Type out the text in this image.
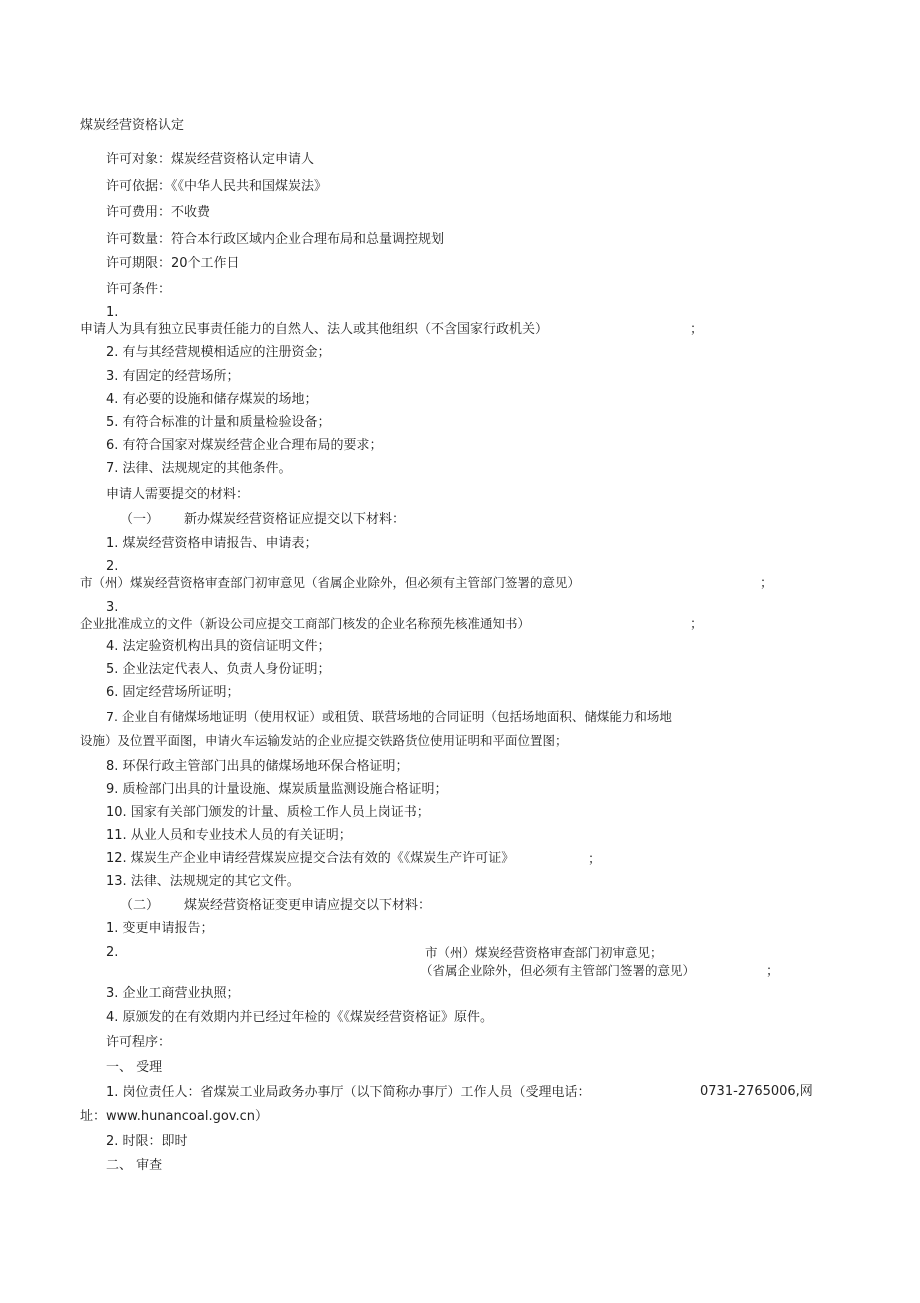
煤炭经营资格认定
许可对象：煤炭经营资格认定申请人
许可依据：《《中华人民共和国煤炭法》
许可费用：不收费
许可数量：符合本行政区域内企业合理布局和总量调控规划
许可期限：20个工作日
许可条件：
1.
申请人为具有独立民事责任能力的自然人、法人或其他组织（不含国家行政机关）	；
2. 有与其经营规模相适应的注册资金；
3. 有固定的经营场所；
4. 有必要的设施和储存煤炭的场地；
5. 有符合标准的计量和质量检验设备；
6. 有符合国家对煤炭经营企业合理布局的要求；
7. 法律、法规规定的其他条件。
申请人需要提交的材料：
（一） 新办煤炭经营资格证应提交以下材料：
1. 煤炭经营资格申请报告、申请表；
2.
市（州）煤炭经营资格审查部门初审意见（省属企业除外，但必须有主管部门签署的意见）	；
3.
企业批准成立的文件（新设公司应提交工商部门核发的企业名称预先核准通知书）	；
4. 法定验资机构出具的资信证明文件；
5. 企业法定代表人、负责人身份证明；
6. 固定经营场所证明；
7. 企业自有储煤场地证明（使用权证）或租赁、联营场地的合同证明（包括场地面积、储煤能力和场地
设施）及位置平面图，申请火车运输发站的企业应提交铁路货位使用证明和平面位置图；
8. 环保行政主管部门出具的储煤场地环保合格证明；
9. 质检部门出具的计量设施、煤炭质量监测设施合格证明；
10. 国家有关部门颁发的计量、质检工作人员上岗证书；
11. 从业人员和专业技术人员的有关证明；
12. 煤炭生产企业申请经营煤炭应提交合法有效的《《煤炭生产许可证》	；
13. 法律、法规规定的其它文件。
（二） 煤炭经营资格证变更申请应提交以下材料：
1. 变更申请报告；
2.	市（州）煤炭经营资格审查部门初审意见；
（省属企业除外，但必须有主管部门签署的意见）	；
3. 企业工商营业执照；
4. 原颁发的在有效期内并已经过年检的《《煤炭经营资格证》原件。
许可程序：
一、 受理
1. 岗位责任人：省煤炭工业局政务办事厅（以下简称办事厅）工作人员（受理电话：	0731-2765006,网
址：www.hunancoal.gov.cn）
2. 时限：即时
二、 审查
